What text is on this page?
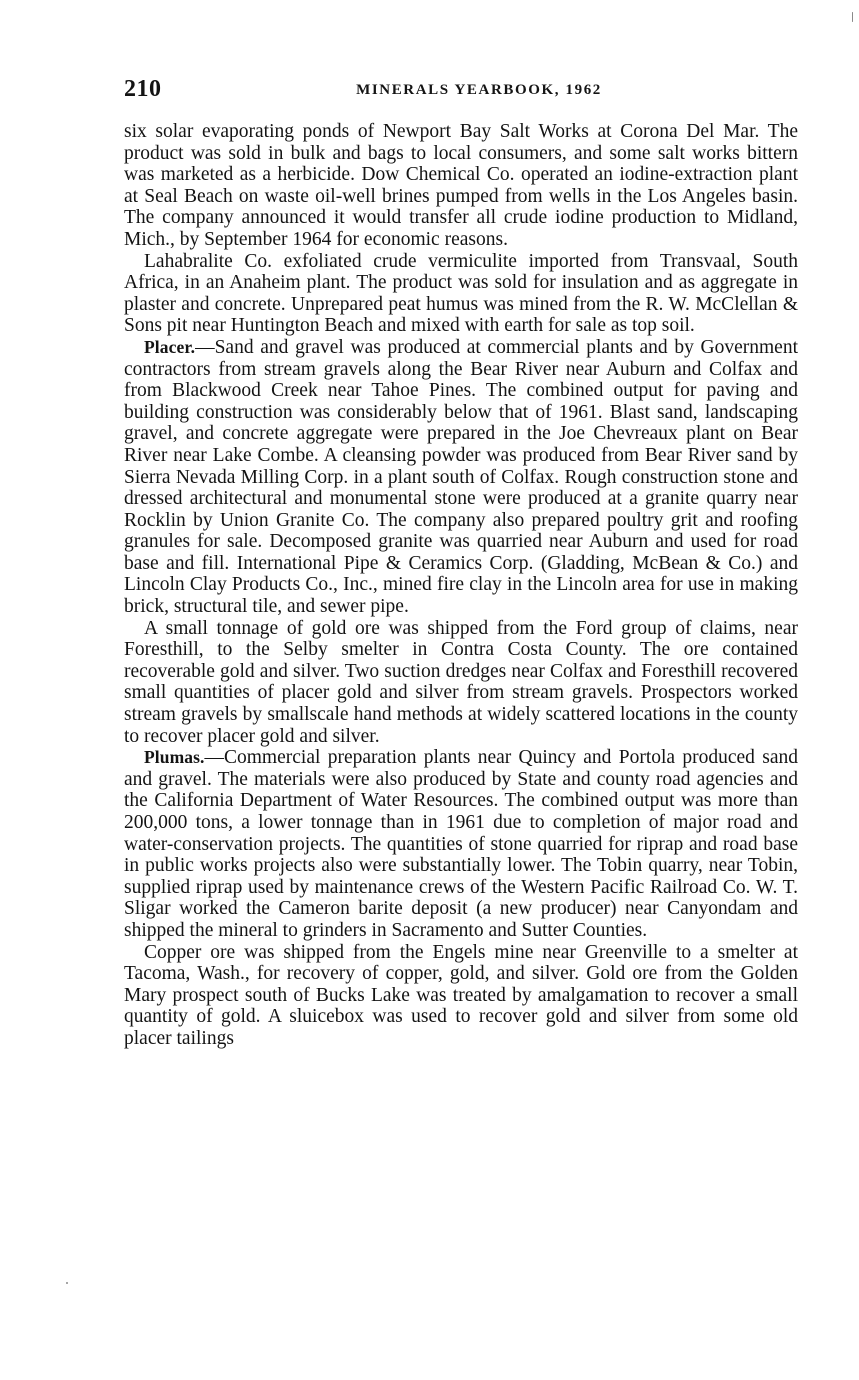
210	MINERALS YEARBOOK, 1962

six solar evaporating ponds of Newport Bay Salt Works at Corona Del Mar. The product was sold in bulk and bags to local consumers, and some salt works bittern was marketed as a herbicide. Dow Chemical Co. operated an iodine-extraction plant at Seal Beach on waste oil-well brines pumped from wells in the Los Angeles basin. The company announced it would transfer all crude iodine production to Midland, Mich., by September 1964 for economic reasons.

Lahabralite Co. exfoliated crude vermiculite imported from Transvaal, South Africa, in an Anaheim plant. The product was sold for insulation and as aggregate in plaster and concrete. Unprepared peat humus was mined from the R. W. McClellan & Sons pit near Huntington Beach and mixed with earth for sale as top soil.

Placer.—Sand and gravel was produced at commercial plants and by Government contractors from stream gravels along the Bear River near Auburn and Colfax and from Blackwood Creek near Tahoe Pines. The combined output for paving and building construction was considerably below that of 1961. Blast sand, landscaping gravel, and concrete aggregate were prepared in the Joe Chevreaux plant on Bear River near Lake Combe. A cleansing powder was produced from Bear River sand by Sierra Nevada Milling Corp. in a plant south of Colfax. Rough construction stone and dressed architectural and monumental stone were produced at a granite quarry near Rocklin by Union Granite Co. The company also prepared poultry grit and roofing granules for sale. Decomposed granite was quarried near Auburn and used for road base and fill. International Pipe & Ceramics Corp. (Gladding, McBean & Co.) and Lincoln Clay Products Co., Inc., mined fire clay in the Lincoln area for use in making brick, structural tile, and sewer pipe.

A small tonnage of gold ore was shipped from the Ford group of claims, near Foresthill, to the Selby smelter in Contra Costa County. The ore contained recoverable gold and silver. Two suction dredges near Colfax and Foresthill recovered small quantities of placer gold and silver from stream gravels. Prospectors worked stream gravels by smallscale hand methods at widely scattered locations in the county to recover placer gold and silver.

Plumas.—Commercial preparation plants near Quincy and Portola produced sand and gravel. The materials were also produced by State and county road agencies and the California Department of Water Resources. The combined output was more than 200,000 tons, a lower tonnage than in 1961 due to completion of major road and water-conservation projects. The quantities of stone quarried for riprap and road base in public works projects also were substantially lower. The Tobin quarry, near Tobin, supplied riprap used by maintenance crews of the Western Pacific Railroad Co. W. T. Sligar worked the Cameron barite deposit (a new producer) near Canyondam and shipped the mineral to grinders in Sacramento and Sutter Counties.

Copper ore was shipped from the Engels mine near Greenville to a smelter at Tacoma, Wash., for recovery of copper, gold, and silver. Gold ore from the Golden Mary prospect south of Bucks Lake was treated by amalgamation to recover a small quantity of gold. A sluicebox was used to recover gold and silver from some old placer tailings
